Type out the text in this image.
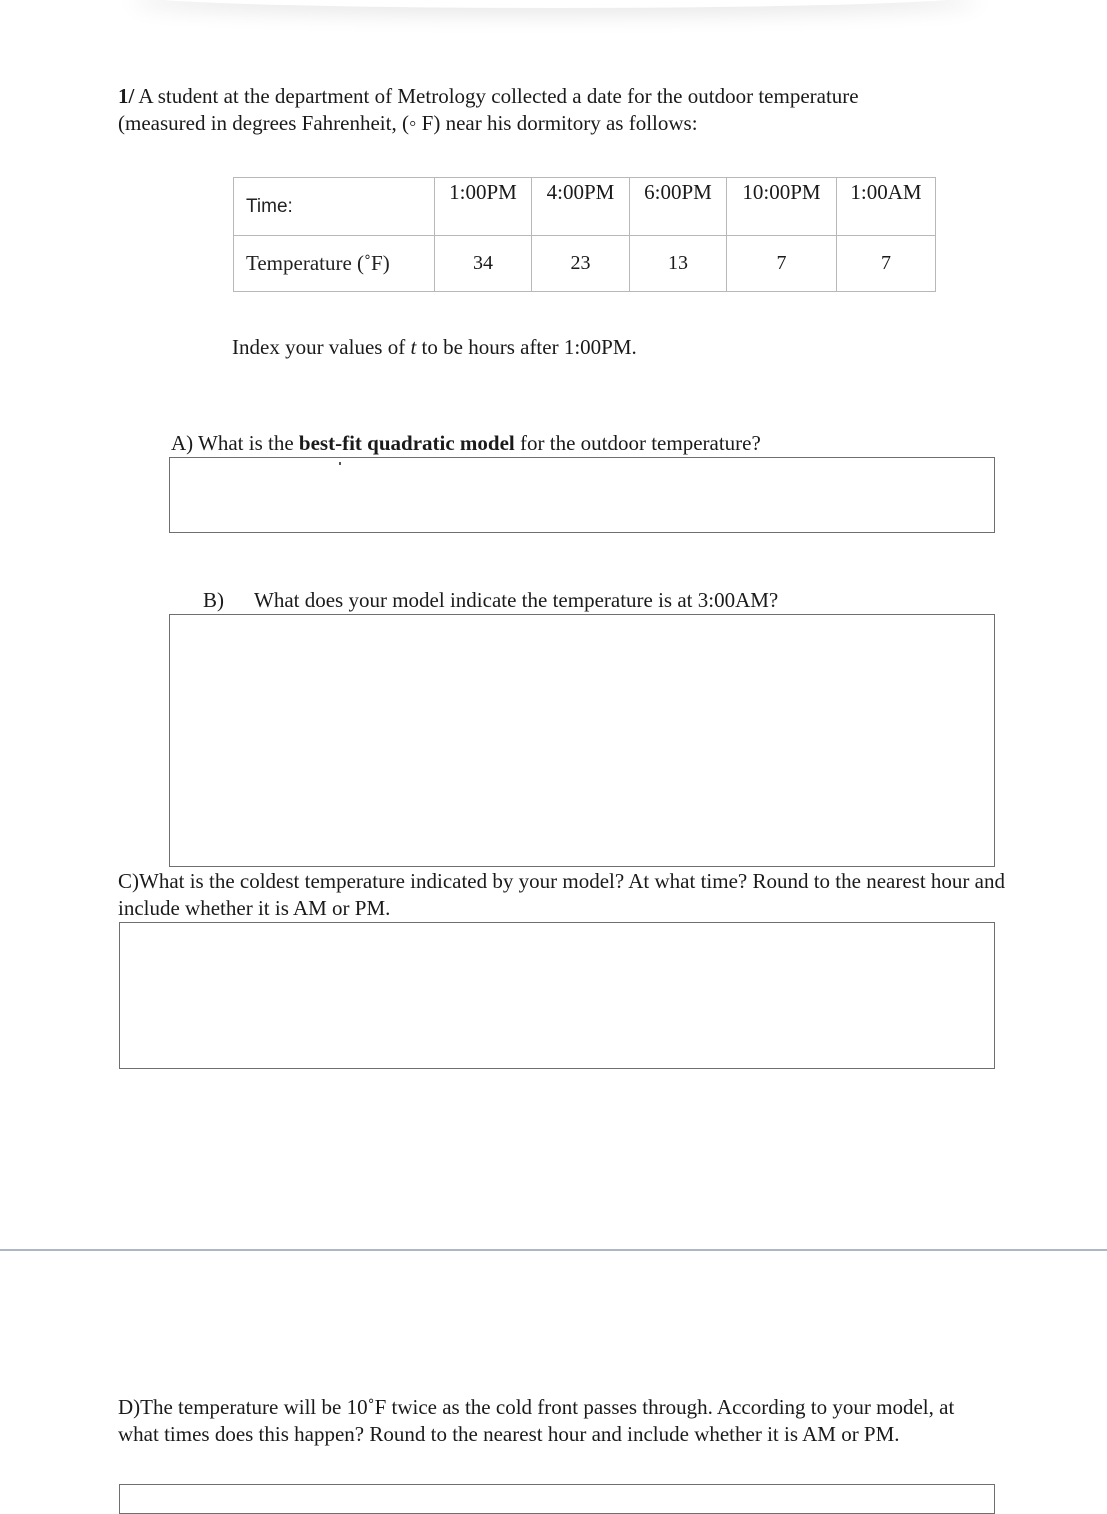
1/ A student at the department of Metrology collected a date for the outdoor temperature
(measured in degrees Fahrenheit, (◦ F) near his dormitory as follows:

Time:	1:00PM	4:00PM	6:00PM	10:00PM	1:00AM
Temperature (˚F)	34	23	13	7	7

Index your values of t to be hours after 1:00PM.

A) What is the best-fit quadratic model for the outdoor temperature?

B) What does your model indicate the temperature is at 3:00AM?

C)What is the coldest temperature indicated by your model? At what time? Round to the nearest hour and include whether it is AM or PM.

D)The temperature will be 10˚F twice as the cold front passes through. According to your model, at what times does this happen? Round to the nearest hour and include whether it is AM or PM.
